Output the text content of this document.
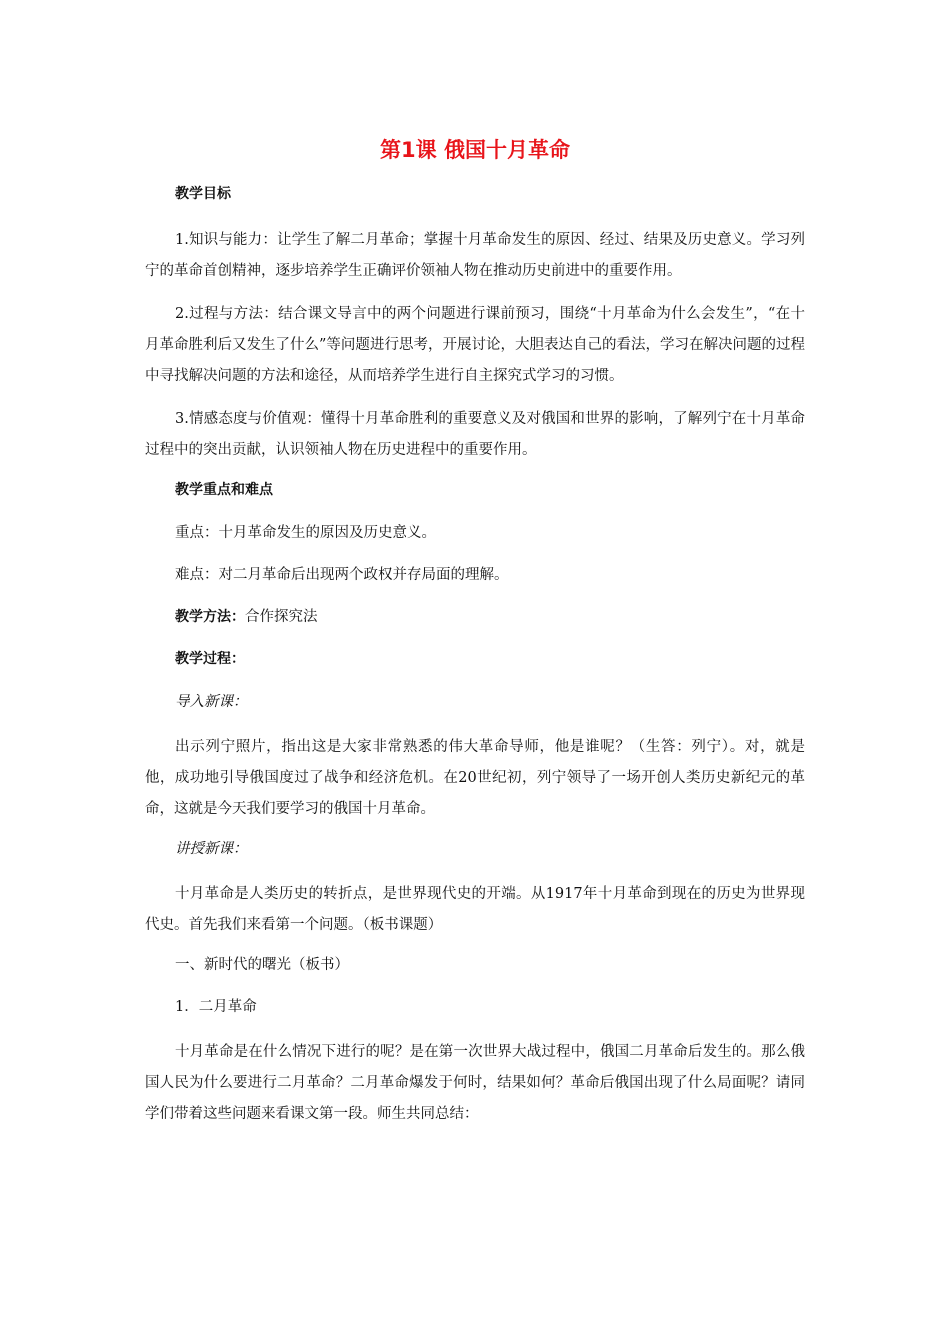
第1课 俄国十月革命
教学目标

1.知识与能力：让学生了解二月革命；掌握十月革命发生的原因、经过、结果及历史意义。学习列宁的革命首创精神，逐步培养学生正确评价领袖人物在推动历史前进中的重要作用。

2.过程与方法：结合课文导言中的两个问题进行课前预习，围绕“十月革命为什么会发生”，“在十月革命胜利后又发生了什么”等问题进行思考，开展讨论，大胆表达自己的看法，学习在解决问题的过程中寻找解决问题的方法和途径，从而培养学生进行自主探究式学习的习惯。

3.情感态度与价值观：懂得十月革命胜利的重要意义及对俄国和世界的影响，了解列宁在十月革命过程中的突出贡献，认识领袖人物在历史进程中的重要作用。

教学重点和难点
重点：十月革命发生的原因及历史意义。
难点：对二月革命后出现两个政权并存局面的理解。
教学方法：合作探究法
教学过程：
导入新课：

出示列宁照片，指出这是大家非常熟悉的伟大革命导师，他是谁呢？（生答：列宁）。对，就是他，成功地引导俄国度过了战争和经济危机。在20世纪初，列宁领导了一场开创人类历史新纪元的革命，这就是今天我们要学习的俄国十月革命。

讲授新课：

十月革命是人类历史的转折点，是世界现代史的开端。从1917年十月革命到现在的历史为世界现代史。首先我们来看第一个问题。（板书课题）

一、新时代的曙光（板书）
1．二月革命

十月革命是在什么情况下进行的呢？是在第一次世界大战过程中，俄国二月革命后发生的。那么俄国人民为什么要进行二月革命？二月革命爆发于何时，结果如何？革命后俄国出现了什么局面呢？请同学们带着这些问题来看课文第一段。师生共同总结：
